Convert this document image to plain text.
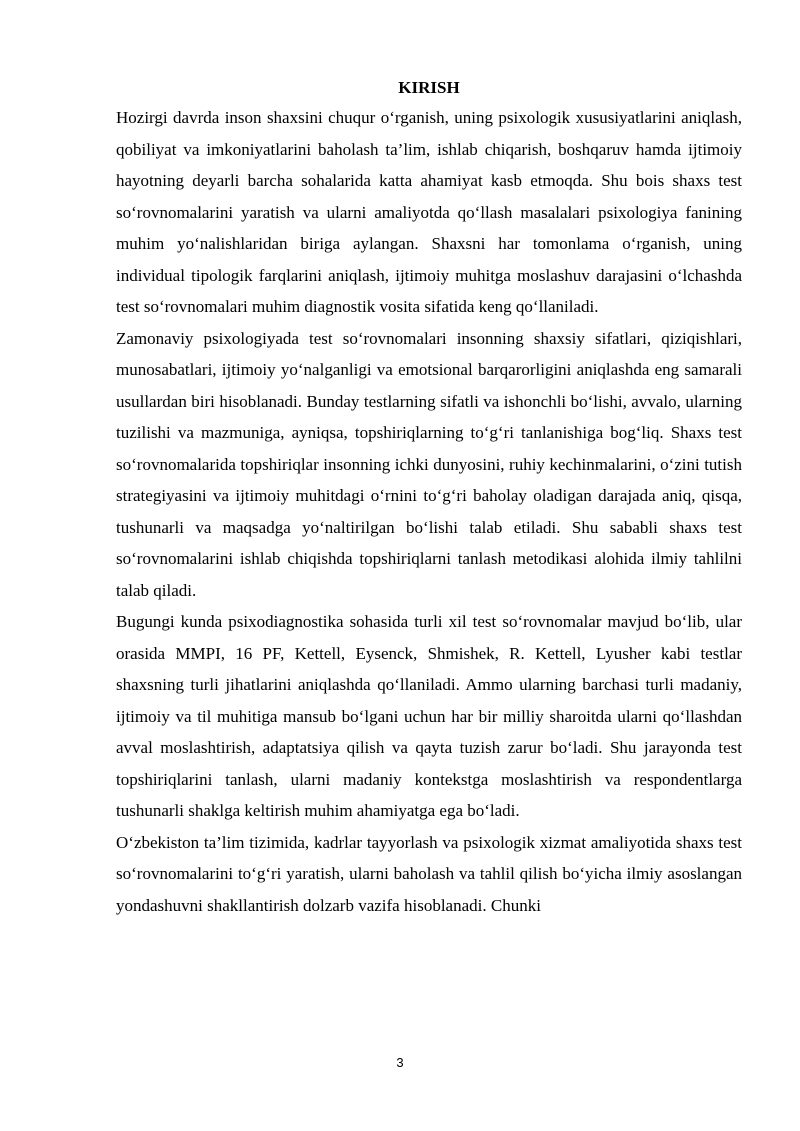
KIRISH

Hozirgi davrda inson shaxsini chuqur o‘rganish, uning psixologik xususiyatlarini aniqlash, qobiliyat va imkoniyatlarini baholash ta’lim, ishlab chiqarish, boshqaruv hamda ijtimoiy hayotning deyarli barcha sohalarida katta ahamiyat kasb etmoqda. Shu bois shaxs test so‘rovnomalarini yaratish va ularni amaliyotda qo‘llash masalalari psixologiya fanining muhim yo‘nalishlaridan biriga aylangan. Shaxsni har tomonlama o‘rganish, uning individual tipologik farqlarini aniqlash, ijtimoiy muhitga moslashuv darajasini o‘lchashda test so‘rovnomalari muhim diagnostik vosita sifatida keng qo‘llaniladi.

Zamonaviy psixologiyada test so‘rovnomalari insonning shaxsiy sifatlari, qiziqishlari, munosabatlari, ijtimoiy yo‘nalganligi va emotsional barqarorligini aniqlashda eng samarali usullardan biri hisoblanadi. Bunday testlarning sifatli va ishonchli bo‘lishi, avvalo, ularning tuzilishi va mazmuniga, ayniqsa, topshiriqlarning to‘g‘ri tanlanishiga bog‘liq. Shaxs test so‘rovnomalarida topshiriqlar insonning ichki dunyosini, ruhiy kechinmalarini, o‘zini tutish strategiyasini va ijtimoiy muhitdagi o‘rnini to‘g‘ri baholay oladigan darajada aniq, qisqa, tushunarli va maqsadga yo‘naltirilgan bo‘lishi talab etiladi. Shu sababli shaxs test so‘rovnomalarini ishlab chiqishda topshiriqlarni tanlash metodikasi alohida ilmiy tahlilni talab qiladi.

Bugungi kunda psixodiagnostika sohasida turli xil test so‘rovnomalar mavjud bo‘lib, ular orasida MMPI, 16 PF, Kettell, Eysenck, Shmishek, R. Kettell, Lyusher kabi testlar shaxsning turli jihatlarini aniqlashda qo‘llaniladi. Ammo ularning barchasi turli madaniy, ijtimoiy va til muhitiga mansub bo‘lgani uchun har bir milliy sharoitda ularni qo‘llashdan avval moslashtirish, adaptatsiya qilish va qayta tuzish zarur bo‘ladi. Shu jarayonda test topshiriqlarini tanlash, ularni madaniy kontekstga moslashtirish va respondentlarga tushunarli shaklga keltirish muhim ahamiyatga ega bo‘ladi.

O‘zbekiston ta’lim tizimida, kadrlar tayyorlash va psixologik xizmat amaliyotida shaxs test so‘rovnomalarini to‘g‘ri yaratish, ularni baholash va tahlil qilish bo‘yicha ilmiy asoslangan yondashuvni shakllantirish dolzarb vazifa hisoblanadi. Chunki

3
